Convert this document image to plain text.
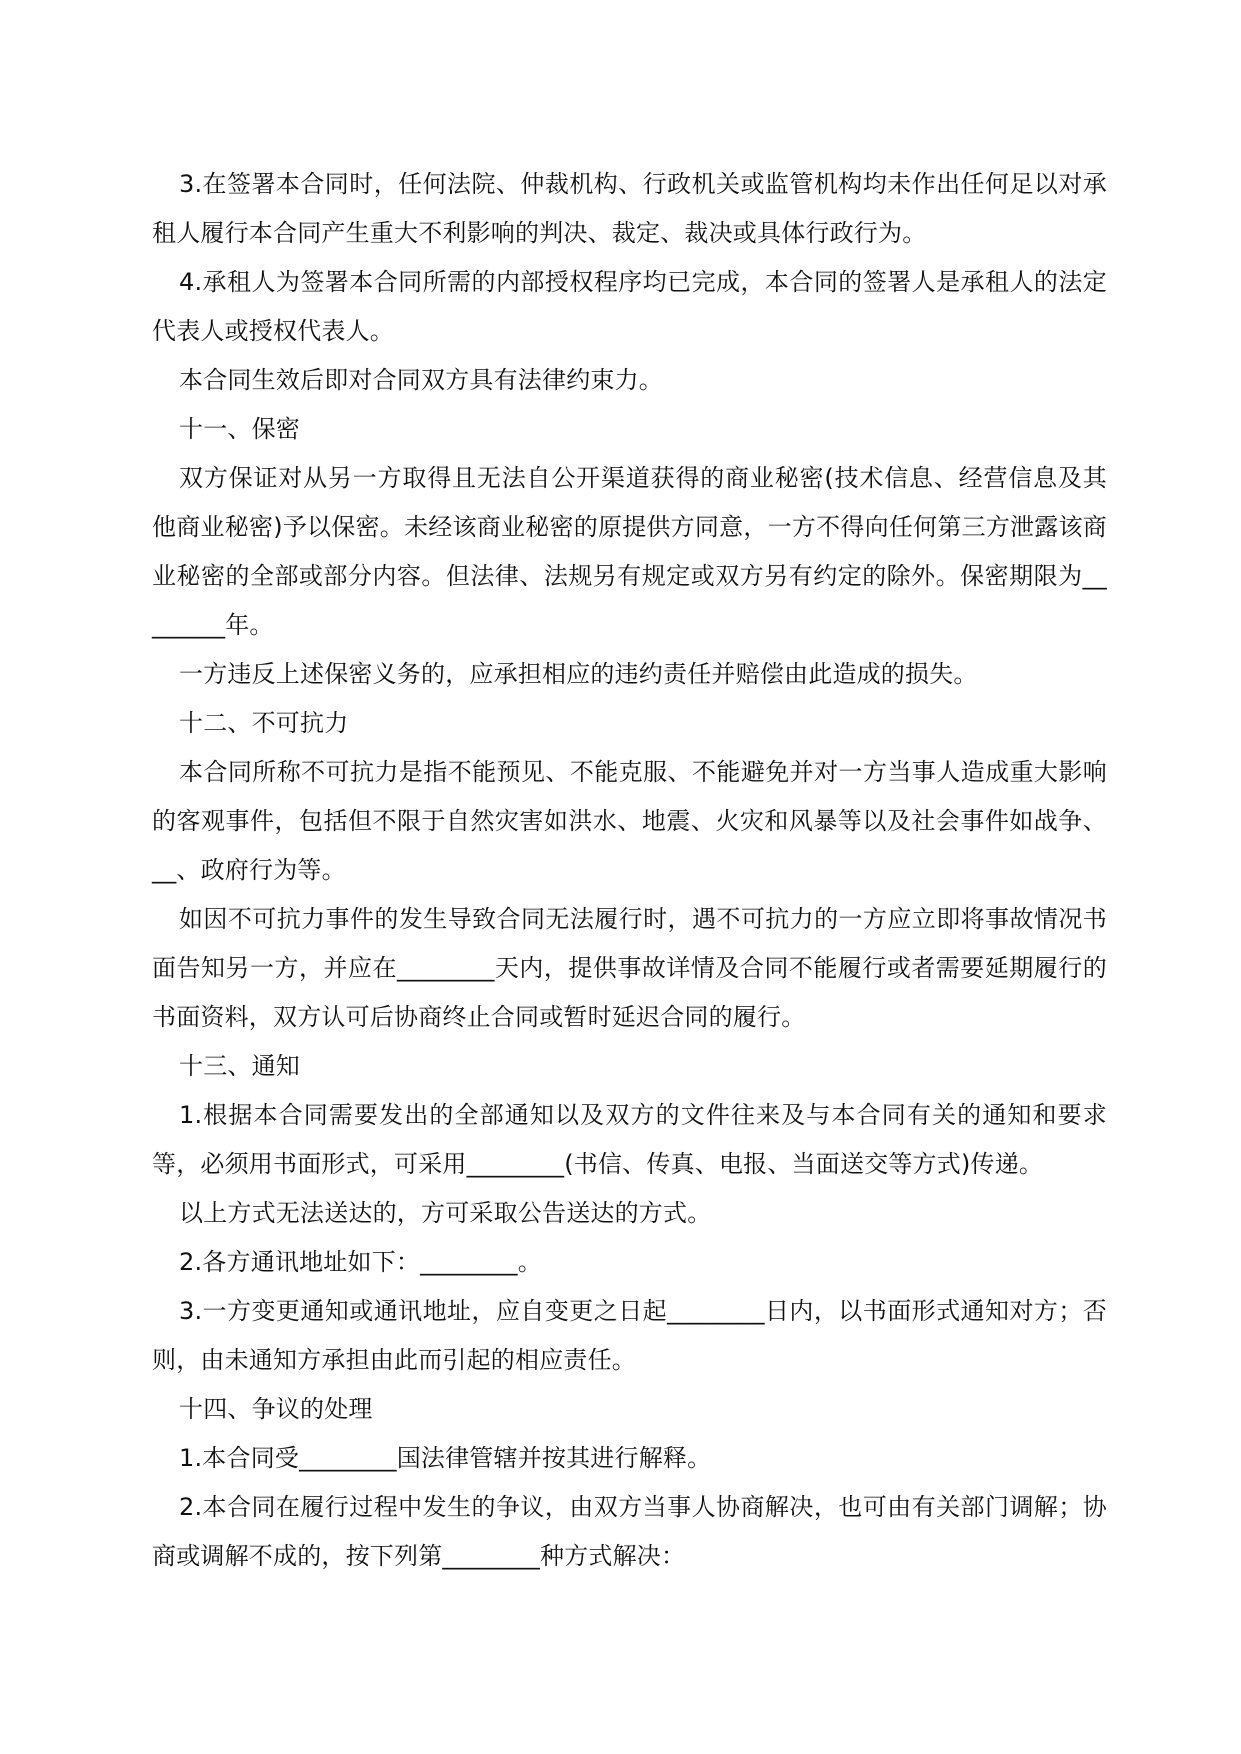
3.在签署本合同时，任何法院、仲裁机构、行政机关或监管机构均未作出任何足以对承租人履行本合同产生重大不利影响的判决、裁定、裁决或具体行政行为。

4.承租人为签署本合同所需的内部授权程序均已完成，本合同的签署人是承租人的法定代表人或授权代表人。

本合同生效后即对合同双方具有法律约束力。

十一、保密

双方保证对从另一方取得且无法自公开渠道获得的商业秘密(技术信息、经营信息及其他商业秘密)予以保密。未经该商业秘密的原提供方同意，一方不得向任何第三方泄露该商业秘密的全部或部分内容。但法律、法规另有规定或双方另有约定的除外。保密期限为________年。

一方违反上述保密义务的，应承担相应的违约责任并赔偿由此造成的损失。

十二、不可抗力

本合同所称不可抗力是指不能预见、不能克服、不能避免并对一方当事人造成重大影响的客观事件，包括但不限于自然灾害如洪水、地震、火灾和风暴等以及社会事件如战争、__、政府行为等。

如因不可抗力事件的发生导致合同无法履行时，遇不可抗力的一方应立即将事故情况书面告知另一方，并应在________天内，提供事故详情及合同不能履行或者需要延期履行的书面资料，双方认可后协商终止合同或暂时延迟合同的履行。

十三、通知

1.根据本合同需要发出的全部通知以及双方的文件往来及与本合同有关的通知和要求等，必须用书面形式，可采用________(书信、传真、电报、当面送交等方式)传递。

以上方式无法送达的，方可采取公告送达的方式。

2.各方通讯地址如下：________。

3.一方变更通知或通讯地址，应自变更之日起________日内，以书面形式通知对方；否则，由未通知方承担由此而引起的相应责任。

十四、争议的处理

1.本合同受________国法律管辖并按其进行解释。

2.本合同在履行过程中发生的争议，由双方当事人协商解决，也可由有关部门调解；协商或调解不成的，按下列第________种方式解决：
